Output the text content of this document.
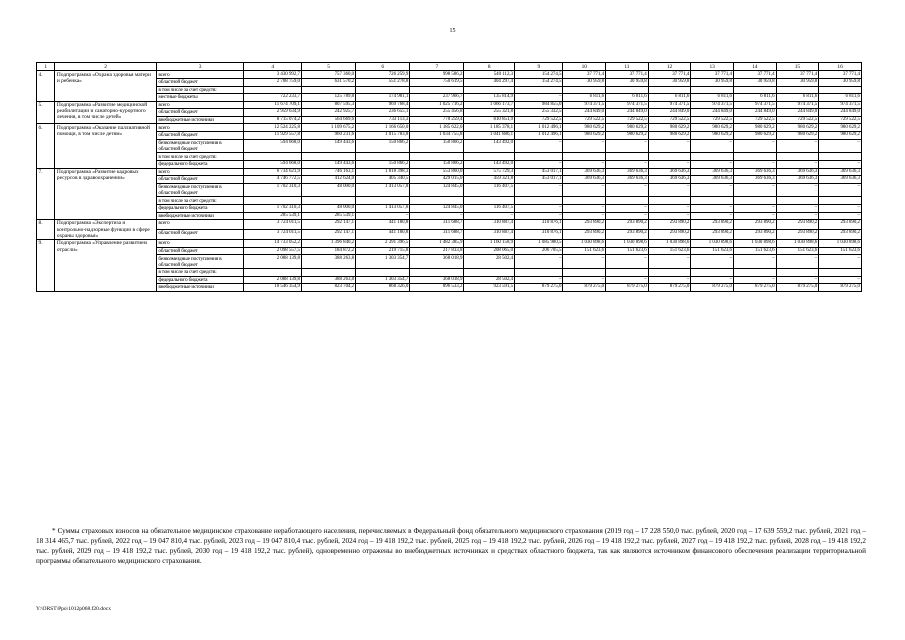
15
1	2	3	4	5	6	7	8	9	10	11	12	13	14	15	16
4.	Подпрограмма «Охрана здоровья матери и ребенка»	всего	3 430 992,7	757 360,0	726 259,9	998 586,2	540 112,3	154 274,5	37 771,4	37 771,4	37 771,4	37 771,4	37 771,4	37 771,4	37 771,4
		областной бюджет	2 708 759,0	631 570,2	551 278,8	750 619,5	404 297,4	154 274,5	30 959,8	30 959,8	30 959,8	30 959,8	30 959,8	30 959,8	30 959,8
		в том числе за счет средств:													
		местные бюджеты	722 233,7	125 789,8	174 981,1	237 966,7	135 814,9	–	6 811,6	6 811,6	6 811,6	6 811,6	6 811,6	6 811,6	6 811,6
5.	Подпрограмма «Развитие медицинской реабилитации и санаторно-курортного лечения, в том числе детей»	всего	11 674 709,1	807 595,3	969 768,4	1 025 716,2	1 066 173,7	984 855,0	974 371,5	974 371,5	974 371,5	974 371,5	974 371,5	974 371,5	974 371,5
		областной бюджет	2 959 634,9	242 925,7	236 655,1	255 456,8	255 321,8	255 332,5	244 849,0	244 849,0	244 849,0	244 849,0	244 849,0	244 849,0	244 849,0
		внебюджетные источники	8 715 074,2	564 669,6	733 113,3	770 259,4	810 851,9	729 522,5	729 522,5	729 522,5	729 522,5	729 522,5	729 522,5	729 522,5	729 522,5
6.	Подпрограмма «Оказание паллиативной помощи, в том числе детям»	всего	12 524 225,8	1 109 675,2	1 166 650,0	1 185 622,0	1 185 378,1	1 012 496,1	980 629,2	980 629,2	980 629,2	980 629,2	980 629,2	980 629,2	980 629,2
		областной бюджет	11 929 557,8	960 231,6	1 015 783,8	1 034 755,8	1 041 886,1	1 012 496,1	980 629,2	980 629,2	980 629,2	980 629,2	980 629,2	980 629,2	980 629,2
		безвозмездные поступления в областной бюджет	594 668,0	149 443,6	150 866,2	150 866,2	143 492,0	–	–	–	–	–	–	–	–
		в том числе за счет средств:													
		федерального бюджета	594 668,0	149 443,6	150 866,2	150 866,2	143 492,0	–	–	–	–	–	–	–	–
7.	Подпрограмма «Развитие кадровых ресурсов в здравоохранении»	всего	6 734 621,9	746 163,1	1 818 398,3	553 860,0	575 729,3	453 017,1	369 636,3	369 636,3	369 636,3	369 636,3	369 636,3	369 636,3	369 636,3
		областной бюджет	4 746 772,5	412 624,0	405 340,5	429 015,0	459 321,8	453 017,1	369 636,3	369 636,3	369 636,3	369 636,3	369 636,3	369 636,3	369 636,3
		безвозмездные поступления в областной бюджет	1 702 310,3	48 000,0	1 413 057,8	124 845,0	116 407,5	–	–	–	–	–	–	–	–
		в том числе за счет средств:													
		федерального бюджета	1 702 310,3	48 000,0	1 413 057,8	124 845,0	116 407,5	–	–	–	–	–	–	–	–
		внебюджетные источники	285 539,1	285 539,1	–	–	–	–	–	–	–	–	–	–	–
8.	Подпрограмма «Экспертиза и контрольно-надзорные функции в сфере охраны здоровья»	всего	3 724 011,5	292 147,1	441 180,8	311 688,7	310 887,4	310 876,1	293 890,2	293 890,2	293 890,2	293 890,2	293 890,2	293 890,2	293 890,2
		областной бюджет	3 724 011,5	292 147,1	441 180,8	311 688,7	310 887,4	310 876,1	293 890,2	293 890,2	293 890,2	293 890,2	293 890,2	293 890,2	293 890,2
9.	Подпрограмма «Управление развитием отрасли»	всего	14 733 052,2	1 396 840,2	2 391 396,5	1 482 385,9	1 160 158,9	1 085 980,5	1 030 898,6	1 030 898,6	1 030 898,6	1 030 898,6	1 030 898,6	1 030 898,6	1 030 898,6
		областной бюджет	2 098 557,5	184 872,2	219 715,8	217 833,8	208 065,0	206 705,5	151 623,6	151 623,6	151 623,6	151 623,6	151 623,6	151 623,6	151 623,6
		безвозмездные поступления в областной бюджет	2 088 139,8	388 263,8	1 303 354,7	368 018,9	28 502,4	–	–	–	–	–	–	–	–
		в том числе за счет средств:													
		федерального бюджета	2 088 139,8	388 263,8	1 303 354,7	368 018,9	28 502,4	–	–	–	–	–	–	–	–
		внебюджетные источники	10 546 354,9	823 704,2	868 326,0	896 533,2	923 591,5	879 275,0	879 275,0	879 275,0	879 275,0	879 275,0	879 275,0	879 275,0	879 275,0
* Суммы страховых взносов на обязательное медицинское страхование неработающего населения, перечисляемых в Федеральный фонд обязательного медицинского страхования (2019 год – 17 228 550,0 тыс. рублей, 2020 год – 17 639 559,2 тыс. рублей, 2021 год – 18 314 465,7 тыс. рублей, 2022 год – 19 047 810,4 тыс. рублей, 2023 год – 19 047 810,4 тыс. рублей, 2024 год – 19 418 192,2 тыс. рублей, 2025 год – 19 418 192,2 тыс. рублей, 2026 год – 19 418 192,2 тыс. рублей, 2027 год – 19 418 192,2 тыс. рублей, 2028 год – 19 418 192,2 тыс. рублей, 2029 год – 19 418 192,2 тыс. рублей, 2030 год – 19 418 192,2 тыс. рублей), одновременно отражены во внебюджетных источниках и средствах областного бюджета, так как являются источником финансового обеспечения реализации территориальной программы обязательного медицинского страхования.
Y:\ORST\Ppo\1012p068.f20.docx
